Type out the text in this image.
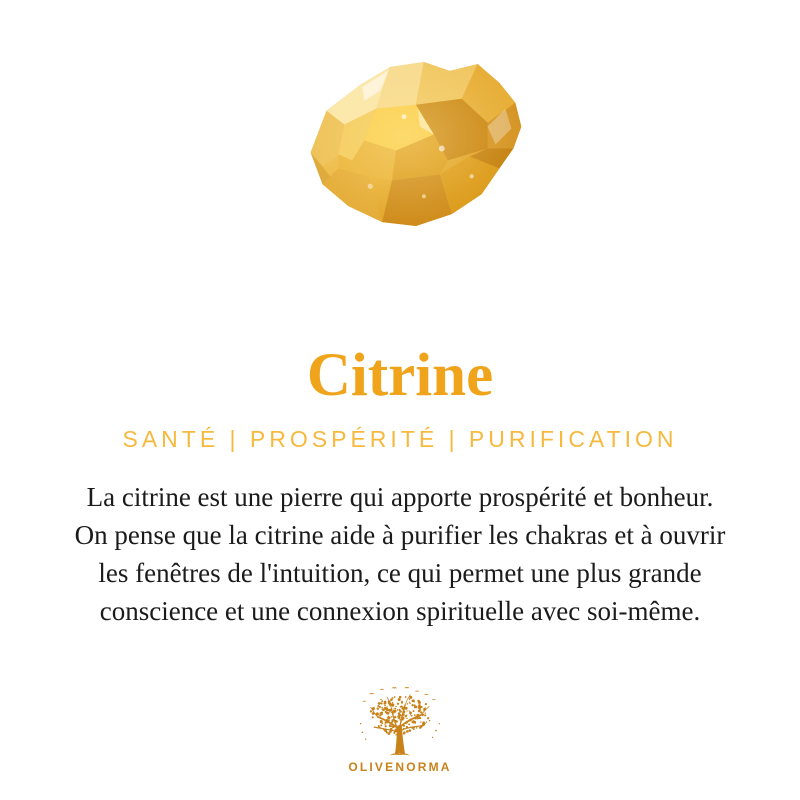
Citrine
SANTÉ | PROSPÉRITÉ | PURIFICATION
La citrine est une pierre qui apporte prospérité et bonheur.
On pense que la citrine aide à purifier les chakras et à ouvrir
les fenêtres de l'intuition, ce qui permet une plus grande
conscience et une connexion spirituelle avec soi-même.
OLIVENORMA
